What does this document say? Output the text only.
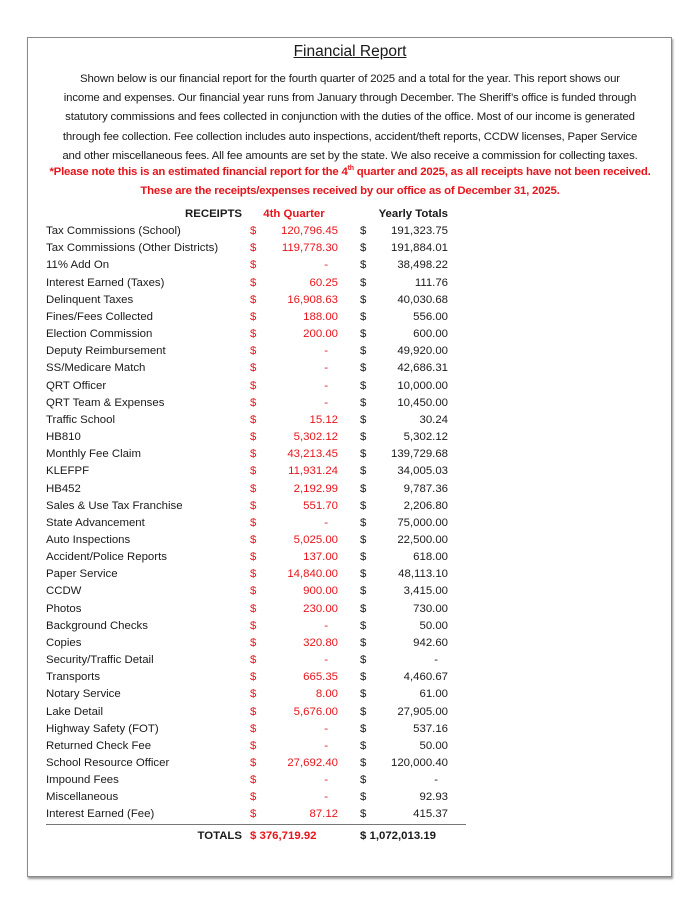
Financial Report
Shown below is our financial report for the fourth quarter of 2025 and a total for the year. This report shows our
income and expenses. Our financial year runs from January through December. The Sheriff’s office is funded through
statutory commissions and fees collected in conjunction with the duties of the office. Most of our income is generated
through fee collection. Fee collection includes auto inspections, accident/theft reports, CCDW licenses, Paper Service
and other miscellaneous fees. All fee amounts are set by the state. We also receive a commission for collecting taxes.
*Please note this is an estimated financial report for the 4th quarter and 2025, as all receipts have not been received.
These are the receipts/expenses received by our office as of December 31, 2025.
RECEIPTS	4th Quarter			Yearly Totals		
Tax Commissions (School)	$	120,796.45		$	191,323.75	
Tax Commissions (Other Districts)	$	119,778.30		$	191,884.01	
11% Add On	$	-		$	38,498.22	
Interest Earned (Taxes)	$	60.25		$	111.76	
Delinquent Taxes	$	16,908.63		$	40,030.68	
Fines/Fees Collected	$	188.00		$	556.00	
Election Commission	$	200.00		$	600.00	
Deputy Reimbursement	$	-		$	49,920.00	
SS/Medicare Match	$	-		$	42,686.31	
QRT Officer	$	-		$	10,000.00	
QRT Team & Expenses	$	-		$	10,450.00	
Traffic School	$	15.12		$	30.24	
HB810	$	5,302.12		$	5,302.12	
Monthly Fee Claim	$	43,213.45		$	139,729.68	
KLEFPF	$	11,931.24		$	34,005.03	
HB452	$	2,192.99		$	9,787.36	
Sales & Use Tax Franchise	$	551.70		$	2,206.80	
State Advancement	$	-		$	75,000.00	
Auto Inspections	$	5,025.00		$	22,500.00	
Accident/Police Reports	$	137.00		$	618.00	
Paper Service	$	14,840.00		$	48,113.10	
CCDW	$	900.00		$	3,415.00	
Photos	$	230.00		$	730.00	
Background Checks	$	-		$	50.00	
Copies	$	320.80		$	942.60	
Security/Traffic Detail	$	-		$	-	
Transports	$	665.35		$	4,460.67	
Notary Service	$	8.00		$	61.00	
Lake Detail	$	5,676.00		$	27,905.00	
Highway Safety (FOT)	$	-		$	537.16	
Returned Check Fee	$	-		$	50.00	
School Resource Officer	$	27,692.40		$	120,000.40	
Impound Fees	$	-		$	-	
Miscellaneous	$	-		$	92.93	
Interest Earned (Fee)	$	87.12		$	415.37	
TOTALS	$ 376,719.92			$ 1,072,013.19		
